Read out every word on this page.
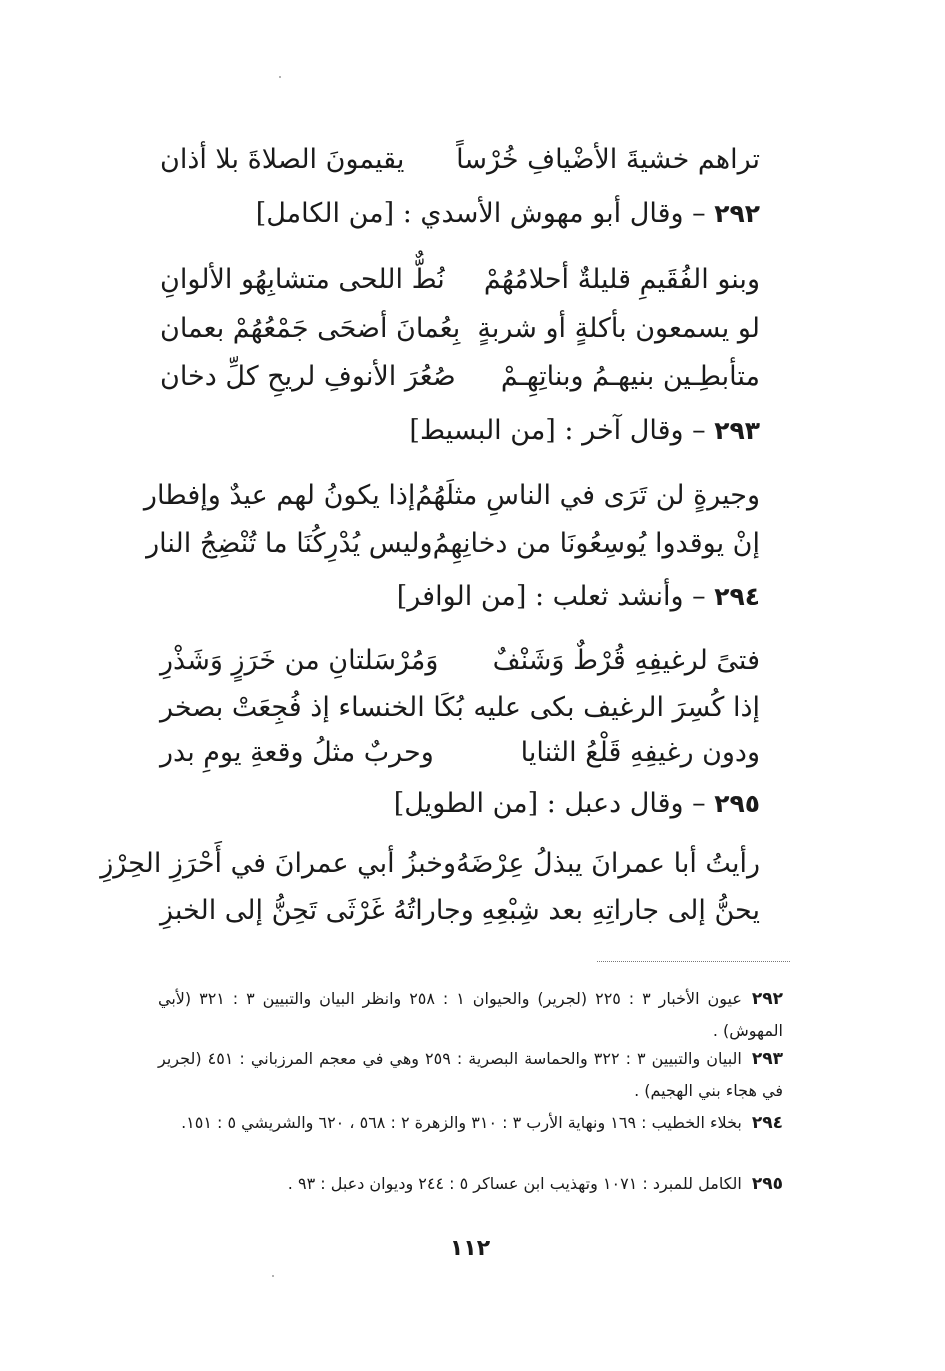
تراهم خشيةَ الأضْيافِ خُرْساً
يقيمونَ الصلاةَ بلا أذان
٢٩٢ – وقال أبو مهوش الأسدي : [من الكامل]
وبنو الفُقَيمِ قليلةٌ أحلامُهُمْ
نُطٌّ اللحى متشابِهُو الألوانِ
لو يسمعون بأكلةٍ أو شربةٍ
بِعُمانَ أضحَى جَمْعُهُمْ بعمان
متأبطِـين بنيهـمُ وبناتِهِـمْ
صُعُرَ الأنوفِ لريحِ كلِّ دخان
٢٩٣ – وقال آخر : [من البسيط]
وجيرةٍ لن تَرَى في الناسِ مثلَهُمُ
إذا يكونُ لهم عيدٌ وإفطار
إنْ يوقدوا يُوسِعُونَا من دخانِهِمُ
وليس يُدْرِكُنَا ما تُنْضِجُ النار
٢٩٤ – وأنشد ثعلب : [من الوافر]
فتىً لرغيفِهِ قُرْطٌ وَشَنْفٌ
وَمُرْسَلتانِ من خَرَزٍ وَشَذْرِ
إذا كُسِرَ الرغيف بكى عليه
بُكَا الخنساء إذ فُجِعَتْ بصخر
ودون رغيفِهِ قَلْعُ الثنايا
وحربٌ مثلُ وقعةِ يومِ بدر
٢٩٥ – وقال دعبل : [من الطويل]
رأيتُ أبا عمرانَ يبذلُ عِرْضَهُ
وخبزُ أبي عمرانَ في أَحْرَزِ الحِرْزِ
يحنُّ إلى جاراتِهِ بعد شِبْعِهِ
وجاراتُهُ غَرْثَى تَحِنُّ إلى الخبزِ
٢٩٢عيون الأخبار ٣ : ٢٢٥ (لجرير) والحيوان ١ : ٢٥٨ وانظر البيان والتبيين ٣ : ٣٢١ (لأبي المهوش) .
٢٩٣البيان والتبيين ٣ : ٣٢٢ والحماسة البصرية : ٢٥٩ وهي في معجم المرزباني : ٤٥١ (لجرير في هجاء بني الهجيم) .
٢٩٤بخلاء الخطيب : ١٦٩ ونهاية الأرب ٣ : ٣١٠ والزهرة ٢ : ٥٦٨ ، ٦٢٠ والشريشي ٥ : ١٥١.
٢٩٥الكامل للمبرد : ١٠٧١ وتهذيب ابن عساكر ٥ : ٢٤٤ وديوان دعبل : ٩٣ .
١١٢
